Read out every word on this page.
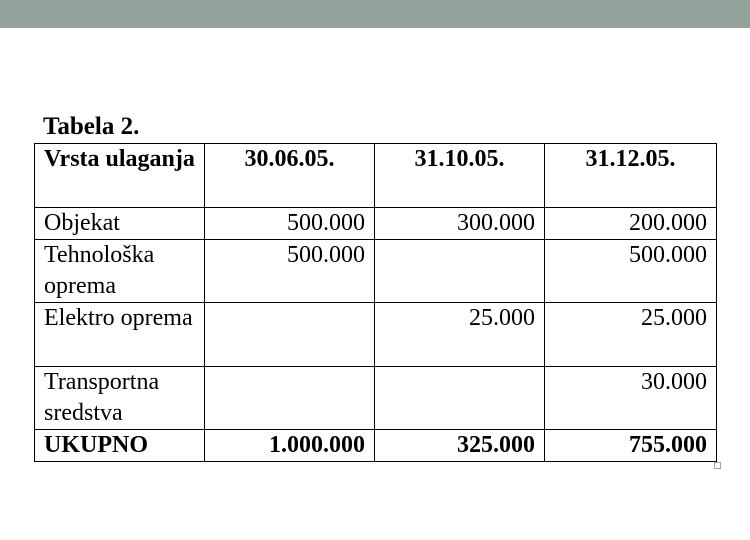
Tabela 2.
Vrsta ulaganja	30.06.05.	31.10.05.	31.12.05.
Objekat	500.000	300.000	200.000
Tehnološka oprema	500.000		500.000
Elektro oprema		25.000	25.000
Transportna sredstva			30.000
UKUPNO	1.000.000	325.000	755.000
